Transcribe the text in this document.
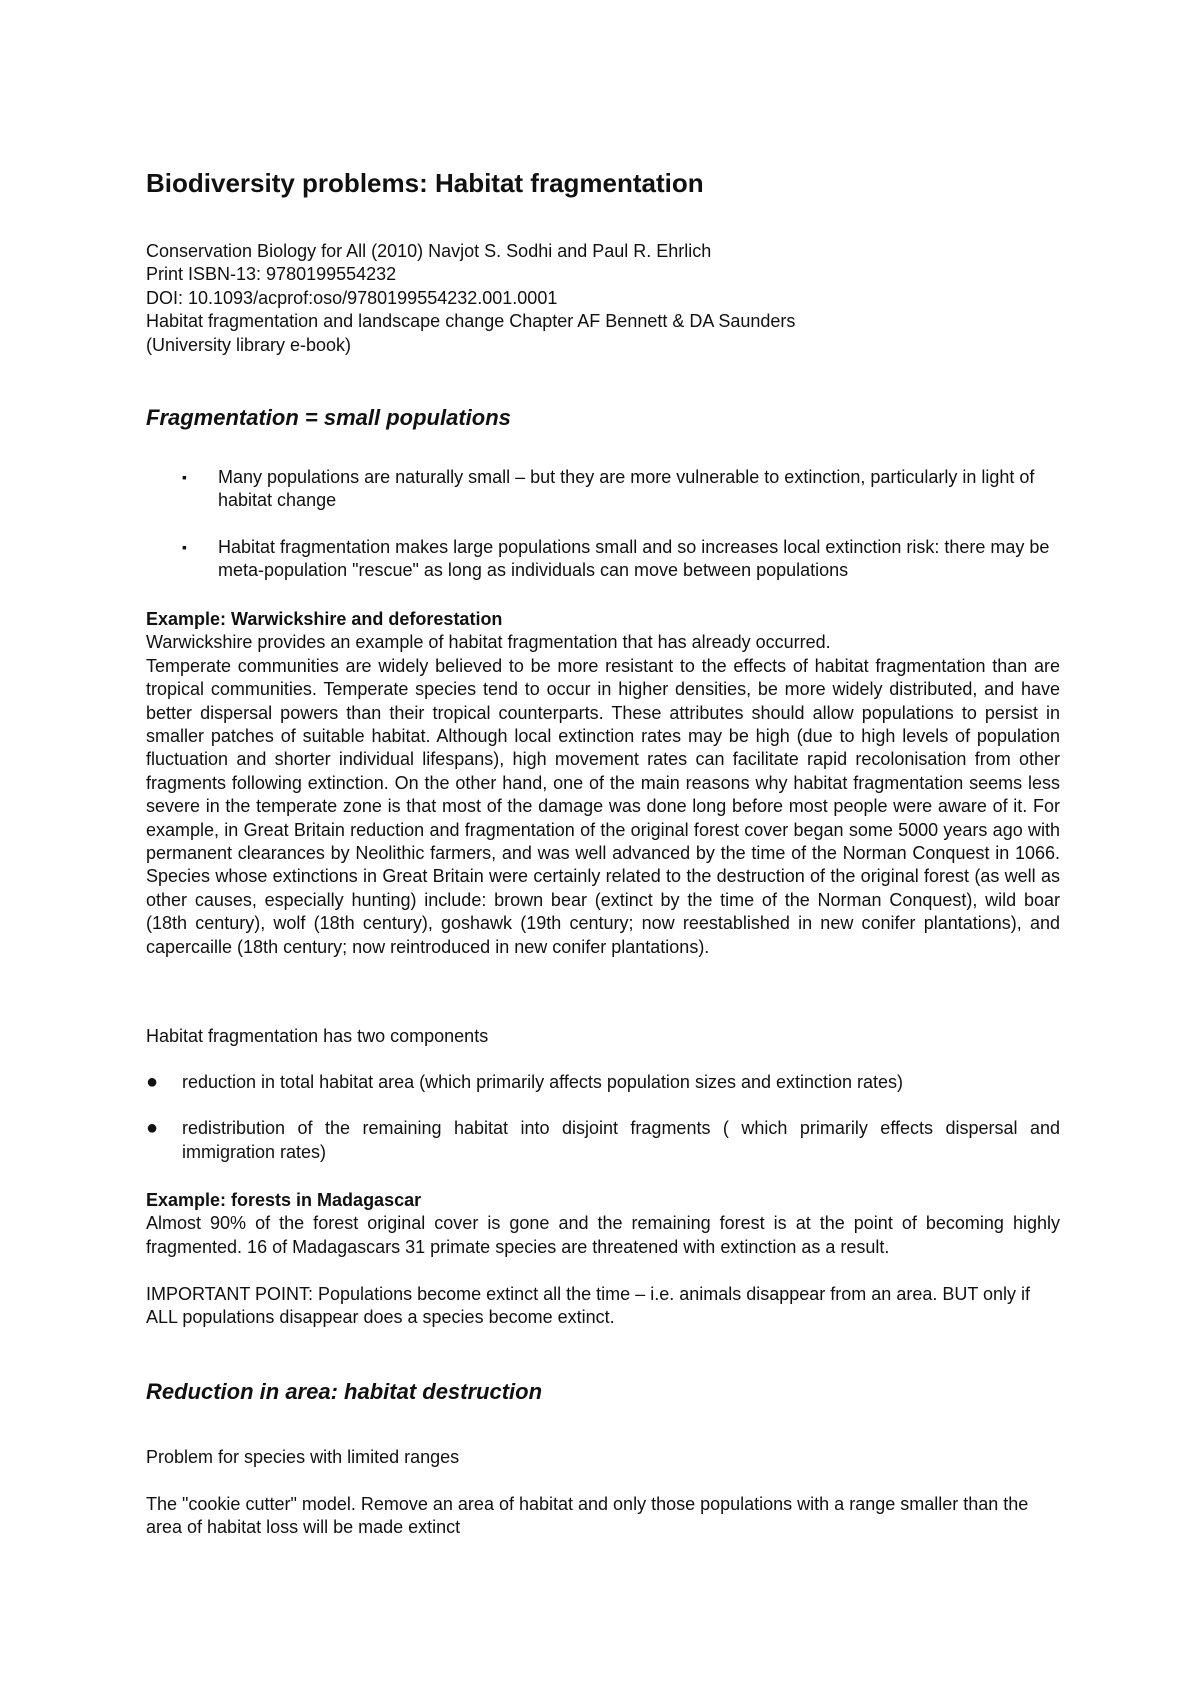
Biodiversity problems: Habitat fragmentation
Conservation Biology for All (2010) Navjot S. Sodhi and Paul R. Ehrlich
Print ISBN-13: 9780199554232
DOI: 10.1093/acprof:oso/9780199554232.001.0001
Habitat fragmentation and landscape change Chapter AF Bennett & DA Saunders
(University library e-book)
Fragmentation = small populations
▪ Many populations are naturally small – but they are more vulnerable to extinction, particularly in light of habitat change
▪ Habitat fragmentation makes large populations small and so increases local extinction risk: there may be meta-population "rescue" as long as individuals can move between populations
Example: Warwickshire and deforestation
Warwickshire provides an example of habitat fragmentation that has already occurred.
Temperate communities are widely believed to be more resistant to the effects of habitat fragmentation than are tropical communities. Temperate species tend to occur in higher densities, be more widely distributed, and have better dispersal powers than their tropical counterparts. These attributes should allow populations to persist in smaller patches of suitable habitat. Although local extinction rates may be high (due to high levels of population fluctuation and shorter individual lifespans), high movement rates can facilitate rapid recolonisation from other fragments following extinction. On the other hand, one of the main reasons why habitat fragmentation seems less severe in the temperate zone is that most of the damage was done long before most people were aware of it. For example, in Great Britain reduction and fragmentation of the original forest cover began some 5000 years ago with permanent clearances by Neolithic farmers, and was well advanced by the time of the Norman Conquest in 1066. Species whose extinctions in Great Britain were certainly related to the destruction of the original forest (as well as other causes, especially hunting) include: brown bear (extinct by the time of the Norman Conquest), wild boar (18th century), wolf (18th century), goshawk (19th century; now reestablished in new conifer plantations), and capercaille (18th century; now reintroduced in new conifer plantations).
Habitat fragmentation has two components
● reduction in total habitat area (which primarily affects population sizes and extinction rates)
● redistribution of the remaining habitat into disjoint fragments ( which primarily effects dispersal and immigration rates)
Example: forests in Madagascar
Almost 90% of the forest original cover is gone and the remaining forest is at the point of becoming highly fragmented. 16 of Madagascars 31 primate species are threatened with extinction as a result.
IMPORTANT POINT: Populations become extinct all the time – i.e. animals disappear from an area. BUT only if ALL populations disappear does a species become extinct.
Reduction in area: habitat destruction
Problem for species with limited ranges
The "cookie cutter" model. Remove an area of habitat and only those populations with a range smaller than the area of habitat loss will be made extinct
